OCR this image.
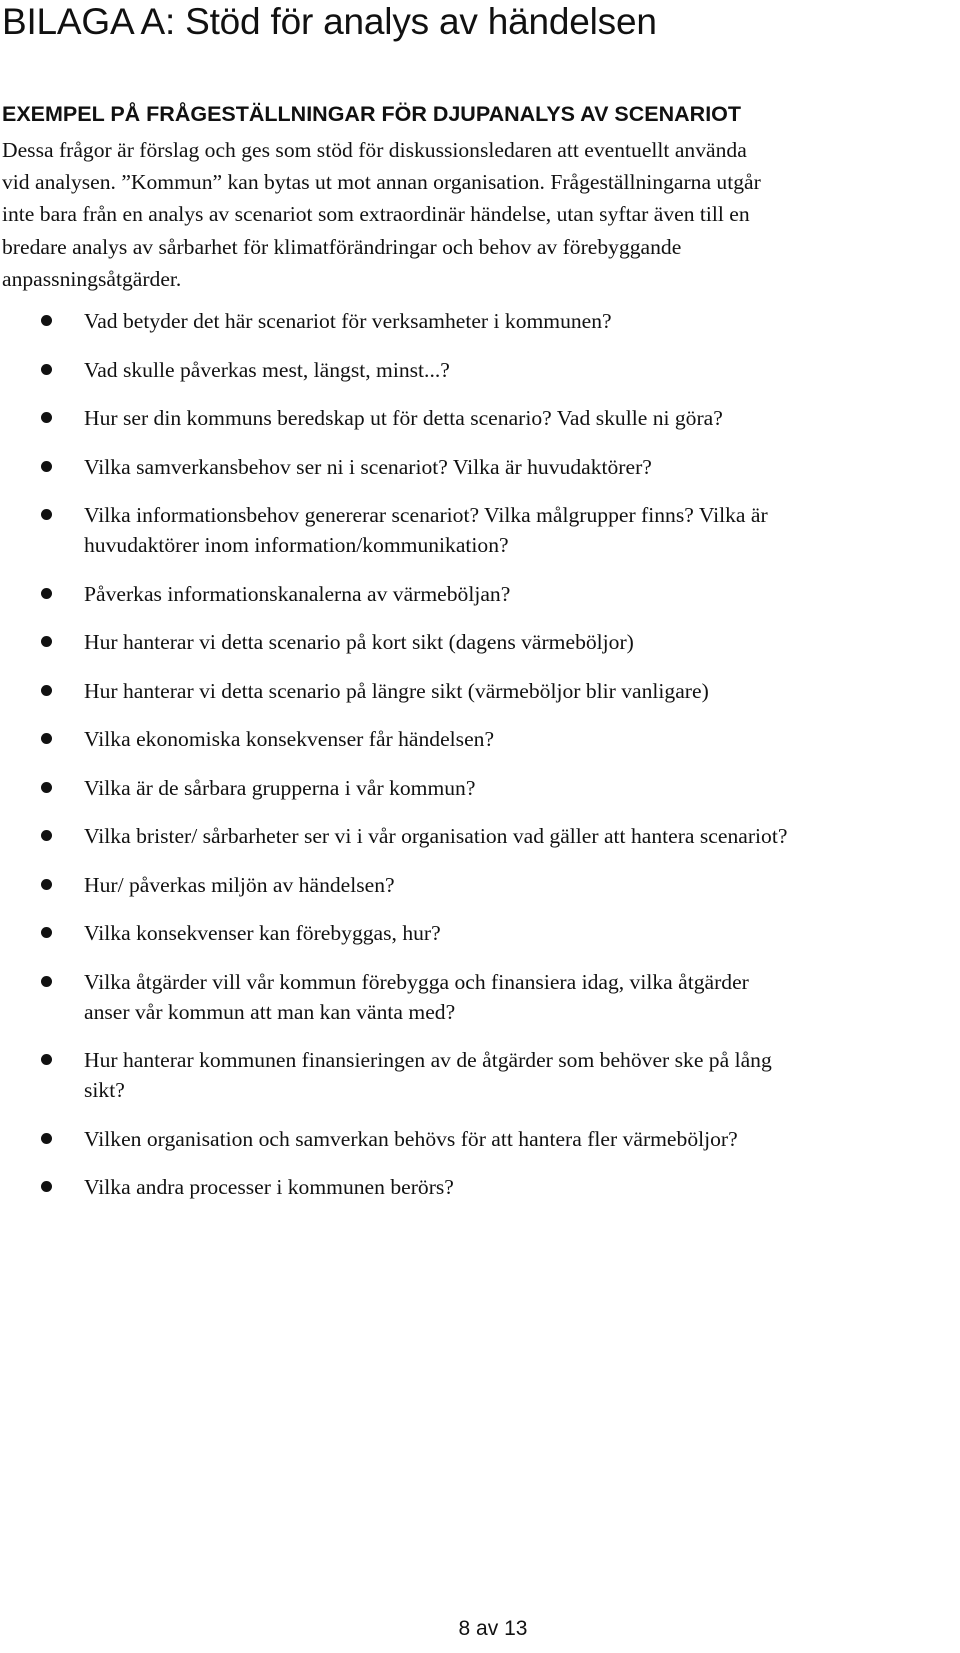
BILAGA A: Stöd för analys av händelsen
EXEMPEL PÅ FRÅGESTÄLLNINGAR FÖR DJUPANALYS AV SCENARIOT
Dessa frågor är förslag och ges som stöd för diskussionsledaren att eventuellt använda
vid analysen. ”Kommun” kan bytas ut mot annan organisation. Frågeställningarna utgår
inte bara från en analys av scenariot som extraordinär händelse, utan syftar även till en
bredare analys av sårbarhet för klimatförändringar och behov av förebyggande
anpassningsåtgärder.
Vad betyder det här scenariot för verksamheter i kommunen?
Vad skulle påverkas mest, längst, minst...?
Hur ser din kommuns beredskap ut för detta scenario? Vad skulle ni göra?
Vilka samverkansbehov ser ni i scenariot? Vilka är huvudaktörer?
Vilka informationsbehov genererar scenariot? Vilka målgrupper finns? Vilka är
huvudaktörer inom information/kommunikation?
Påverkas informationskanalerna av värmeböljan?
Hur hanterar vi detta scenario på kort sikt (dagens värmeböljor)
Hur hanterar vi detta scenario på längre sikt (värmeböljor blir vanligare)
Vilka ekonomiska konsekvenser får händelsen?
Vilka är de sårbara grupperna i vår kommun?
Vilka brister/ sårbarheter ser vi i vår organisation vad gäller att hantera scenariot?
Hur/ påverkas miljön av händelsen?
Vilka konsekvenser kan förebyggas, hur?
Vilka åtgärder vill vår kommun förebygga och finansiera idag, vilka åtgärder
anser vår kommun att man kan vänta med?
Hur hanterar kommunen finansieringen av de åtgärder som behöver ske på lång
sikt?
Vilken organisation och samverkan behövs för att hantera fler värmeböljor?
Vilka andra processer i kommunen berörs?
8 av 13
